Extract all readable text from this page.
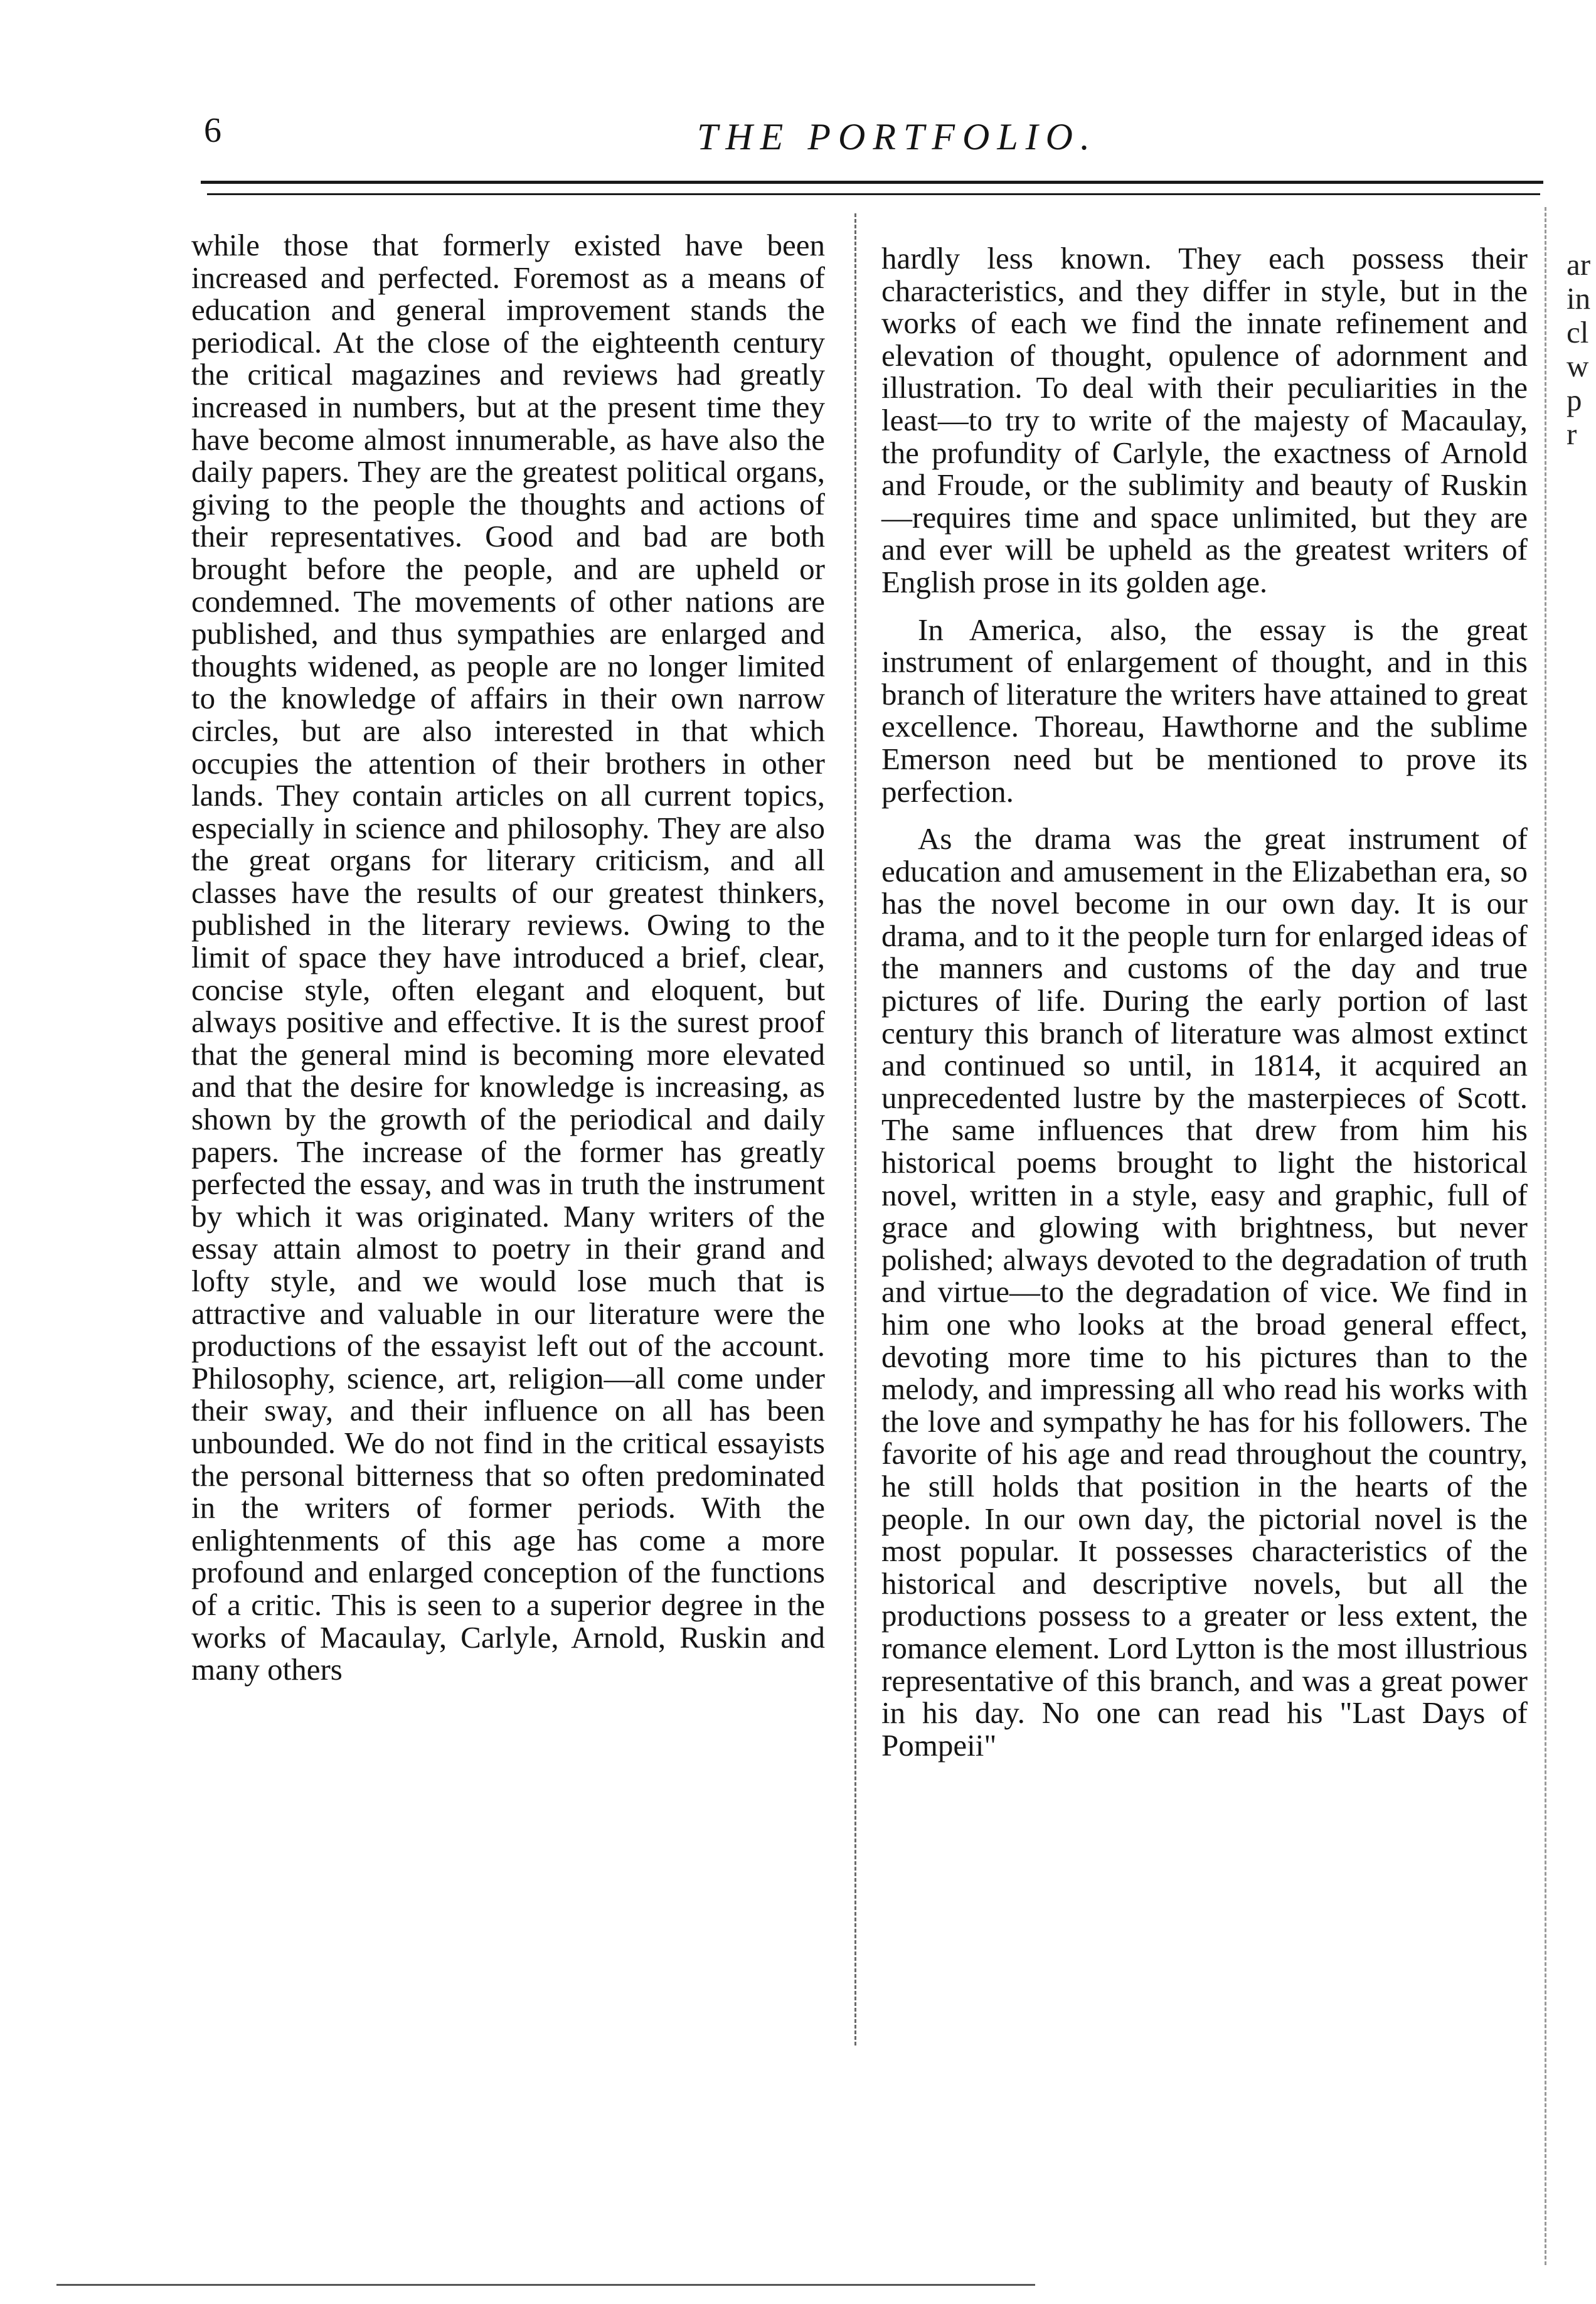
6	THE PORTFOLIO.

while those that formerly existed have been increased and perfected. Foremost as a means of education and general improvement stands the periodical. At the close of the eighteenth century the critical magazines and reviews had greatly increased in numbers, but at the present time they have become almost innumerable, as have also the daily papers. They are the greatest political organs, giving to the people the thoughts and actions of their representatives. Good and bad are both brought before the people, and are upheld or condemned. The movements of other nations are published, and thus sympathies are enlarged and thoughts widened, as people are no longer limited to the knowledge of affairs in their own narrow circles, but are also interested in that which occupies the attention of their brothers in other lands. They contain articles on all current topics, especially in science and philosophy. They are also the great organs for literary criticism, and all classes have the results of our greatest thinkers, published in the literary reviews. Owing to the limit of space they have introduced a brief, clear, concise style, often elegant and eloquent, but always positive and effective. It is the surest proof that the general mind is becoming more elevated and that the desire for knowledge is increasing, as shown by the growth of the periodical and daily papers. The increase of the former has greatly perfected the essay, and was in truth the instrument by which it was originated. Many writers of the essay attain almost to poetry in their grand and lofty style, and we would lose much that is attractive and valuable in our literature were the productions of the essayist left out of the account. Philosophy, science, art, religion—all come under their sway, and their influence on all has been unbounded. We do not find in the critical essayists the personal bitterness that so often predominated in the writers of former periods. With the enlightenments of this age has come a more profound and enlarged conception of the functions of a critic. This is seen to a superior degree in the works of Macaulay, Carlyle, Arnold, Ruskin and many others

hardly less known. They each possess their characteristics, and they differ in style, but in the works of each we find the innate refinement and elevation of thought, opulence of adornment and illustration. To deal with their peculiarities in the least—to try to write of the majesty of Macaulay, the profundity of Carlyle, the exactness of Arnold and Froude, or the sublimity and beauty of Ruskin—requires time and space unlimited, but they are and ever will be upheld as the greatest writers of English prose in its golden age.

In America, also, the essay is the great instrument of enlargement of thought, and in this branch of literature the writers have attained to great excellence. Thoreau, Hawthorne and the sublime Emerson need but be mentioned to prove its perfection.

As the drama was the great instrument of education and amusement in the Elizabethan era, so has the novel become in our own day. It is our drama, and to it the people turn for enlarged ideas of the manners and customs of the day and true pictures of life. During the early portion of last century this branch of literature was almost extinct and continued so until, in 1814, it acquired an unprecedented lustre by the masterpieces of Scott. The same influences that drew from him his historical poems brought to light the historical novel, written in a style, easy and graphic, full of grace and glowing with brightness, but never polished; always devoted to the degradation of truth and virtue—to the degradation of vice. We find in him one who looks at the broad general effect, devoting more time to his pictures than to the melody, and impressing all who read his works with the love and sympathy he has for his followers. The favorite of his age and read throughout the country, he still holds that position in the hearts of the people. In our own day, the pictorial novel is the most popular. It possesses characteristics of the historical and descriptive novels, but all the productions possess to a greater or less extent, the romance element. Lord Lytton is the most illustrious representative of this branch, and was a great power in his day. No one can read his "Last Days of Pompeii"

ar
in
cl
w
p
r
